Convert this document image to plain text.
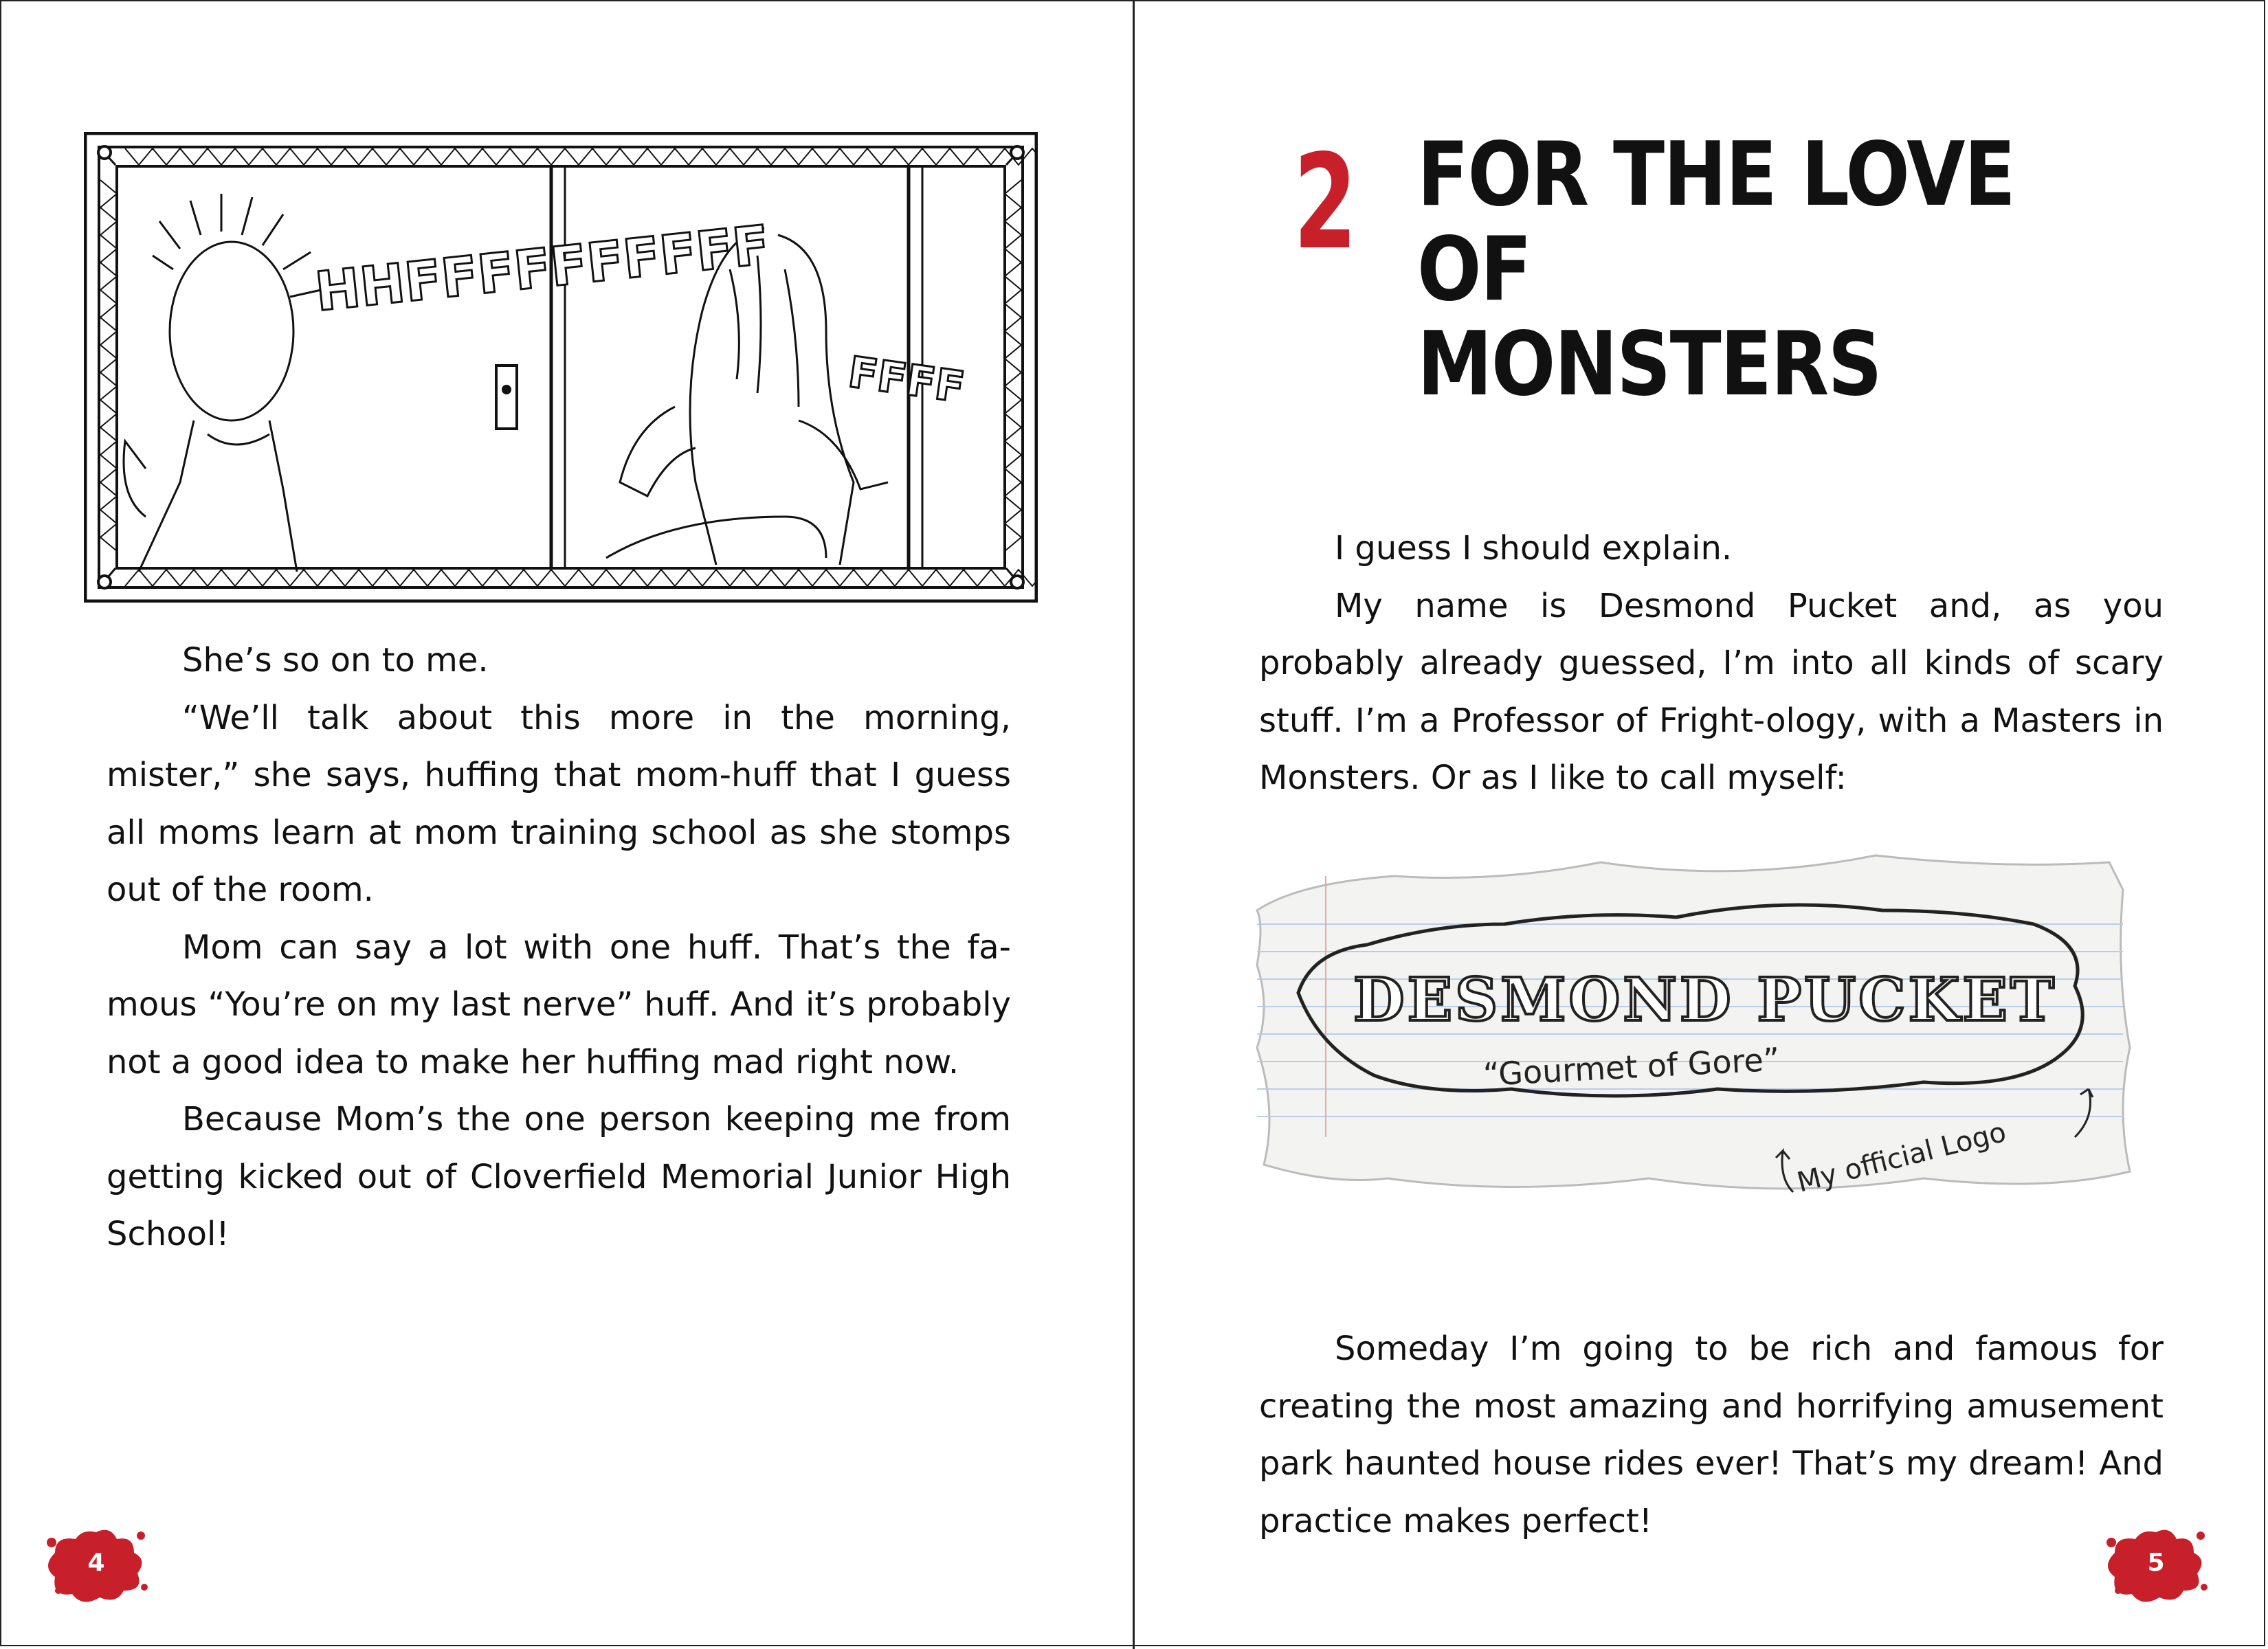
HHFFFFFFFFFF
FFFF

She’s so on to me.

“We’ll talk about this more in the morning, mister,” she says, huffing that mom-huff that I guess all moms learn at mom training school as she stomps out of the room.

Mom can say a lot with one huff. That’s the fa- mous “You’re on my last nerve” huff. And it’s probably not a good idea to make her huffing mad right now.

Because Mom’s the one person keeping me from getting kicked out of Cloverfield Memorial Junior High School!

4
2 FOR THE LOVE OF
MONSTERS

I guess I should explain.

My name is Desmond Pucket and, as you probably already guessed, I’m into all kinds of scary stuff. I’m a Professor of Fright-ology, with a Masters in Monsters. Or as I like to call myself:

DESMOND PUCKET
“Gourmet of Gore”
My official Logo

Someday I’m going to be rich and famous for creating the most amazing and horrifying amusement park haunted house rides ever! That’s my dream! And practice makes perfect!

5
